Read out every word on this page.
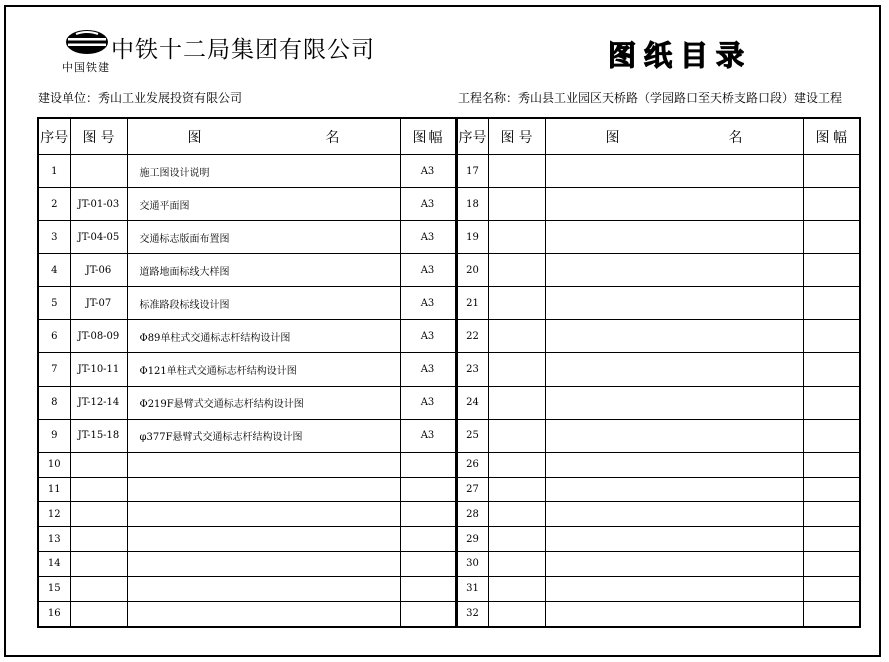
中国铁建
中铁十二局集团有限公司	图纸目录
建设单位：秀山工业发展投资有限公司	工程名称：秀山县工业园区天桥路（学园路口至天桥支路口段）建设工程
序号	图 号	图 名	图 幅	序号	图 号	图 名	图 幅

1		施工图设计说明	A3	17			
2	JT-01-03	交通平面图	A3	18			
3	JT-04-05	交通标志版面布置图	A3	19			
4	JT-06	道路地面标线大样图	A3	20			
5	JT-07	标准路段标线设计图	A3	21			
6	JT-08-09	Φ89单柱式交通标志杆结构设计图	A3	22			
7	JT-10-11	Φ121单柱式交通标志杆结构设计图	A3	23			
8	JT-12-14	Φ219F悬臂式交通标志杆结构设计图	A3	24			
9	JT-15-18	φ377F悬臂式交通标志杆结构设计图	A3	25			
10				26			
11				27			
12				28			
13				29			
14				30			
15				31			
16				32			
